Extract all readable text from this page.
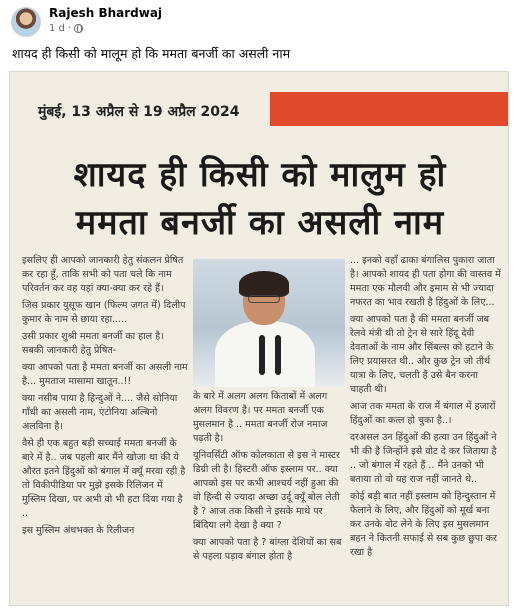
Rajesh Bhardwaj
1 d ·
शायद ही किसी को मालूम हो कि ममता बनर्जी का असली नाम
मुंबई, 13 अप्रैल से 19 अप्रैल 2024
शायद ही किसी को मालुम हो
ममता बनर्जी का असली नाम

इसलिए ही आपको जानकारी हेतु संकलन प्रेषित कर रहा हूँ, ताकि सभी को पता चले कि नाम परिवर्तन कर वह यहां क्या-क्या कर रहे हैं।

जिस प्रकार युसूफ खान (फिल्म जगत में) दिलीप कुमार के नाम से छाया रहा.....

उसी प्रकार शुश्री ममता बनर्जी का हाल है। सबकी जानकारी हेतु प्रेषित-

क्या आपको पता है ममता बनर्जी का असली नाम है... मुमताज मासामा खातून..!!

क्या नसीब पाया है हिन्दुओं ने.... जैसे सोनिया गाँधी का असली नाम, एंटोनिया अल्बिनो अलविना है।

वैसे ही एक बहुत बड़ी सच्चाई ममता बनर्जी के बारे में है.. जब पहली बार मैंने खोजा था की ये औरत इतने हिंदुओं को बंगाल में क्यूँ मरवा रही है तो विकीपीडिया पर मुझे इसके रिलिजन में मुस्लिम दिखा, पर अभी वो भी हटा दिया गया है ..

इस मुस्लिम अंधभक्त के रिलीजन

के बारे में अलग अलग किताबों में अलग अलग विवरण है। पर ममता बनर्जी एक मुसलमान है .. ममता बनर्जी रोज नमाज पढ़ती है।

यूनिवर्सिटी ऑफ कोलकाता से इस ने मास्टर डिग्री ली है। हिस्टरी ऑफ इस्लाम पर.. क्या आपको इस पर कभी आश्चर्य नहीं हुआ की वो हिन्दी से ज्यादा अच्छा उर्दू क्यूँ बोल लेती है ? आज तक किसी ने इसके माथे पर बिंदिया लगे देखा है क्या ?

क्या आपको पता है ? बांग्ला देशियों का सब से पहला पड़ाव बंगाल होता है

... इनको वहाँ ढाका बंगालिस पुकारा जाता है। आपको शायद ही पता होगा की वास्तव में ममता एक मौलवी और इमाम से भी ज्यादा नफरत का भाव रखती है हिंदुओं के लिए...

क्या आपको पता है की ममता बनर्जी जब रेलवे मंत्री थी तो ट्रेन से सारे हिंदू देवी देवताओं के नाम और सिंबल्स को हटाने के लिए प्रयासरत थी.. और कुछ ट्रेन जो तीर्थ यात्रा के लिए, चलती हैं उसे बैन करना चाहती थी।

आज तक ममता के राज में बंगाल में हजारों हिंदुओं का कत्ल हो चुका है..।

दरअसल उन हिंदुओं की हत्या उन हिंदुओं ने भी की है जिन्होंने इसे वोट दे कर जिताया है .. जो बंगाल में रहते हैं .. मैंने उनको भी बताया तो वो यह राज नहीं जानते थे..

कोई बड़ी बात नहीं इस्लाम को हिन्दुस्तान में फैलाने के लिए, और हिंदुओं को मूर्ख बना कर उनके वोट लेने के लिए इस मुसलमान बहन ने कितनी सफाई से सब कुछ छुपा कर रखा है
